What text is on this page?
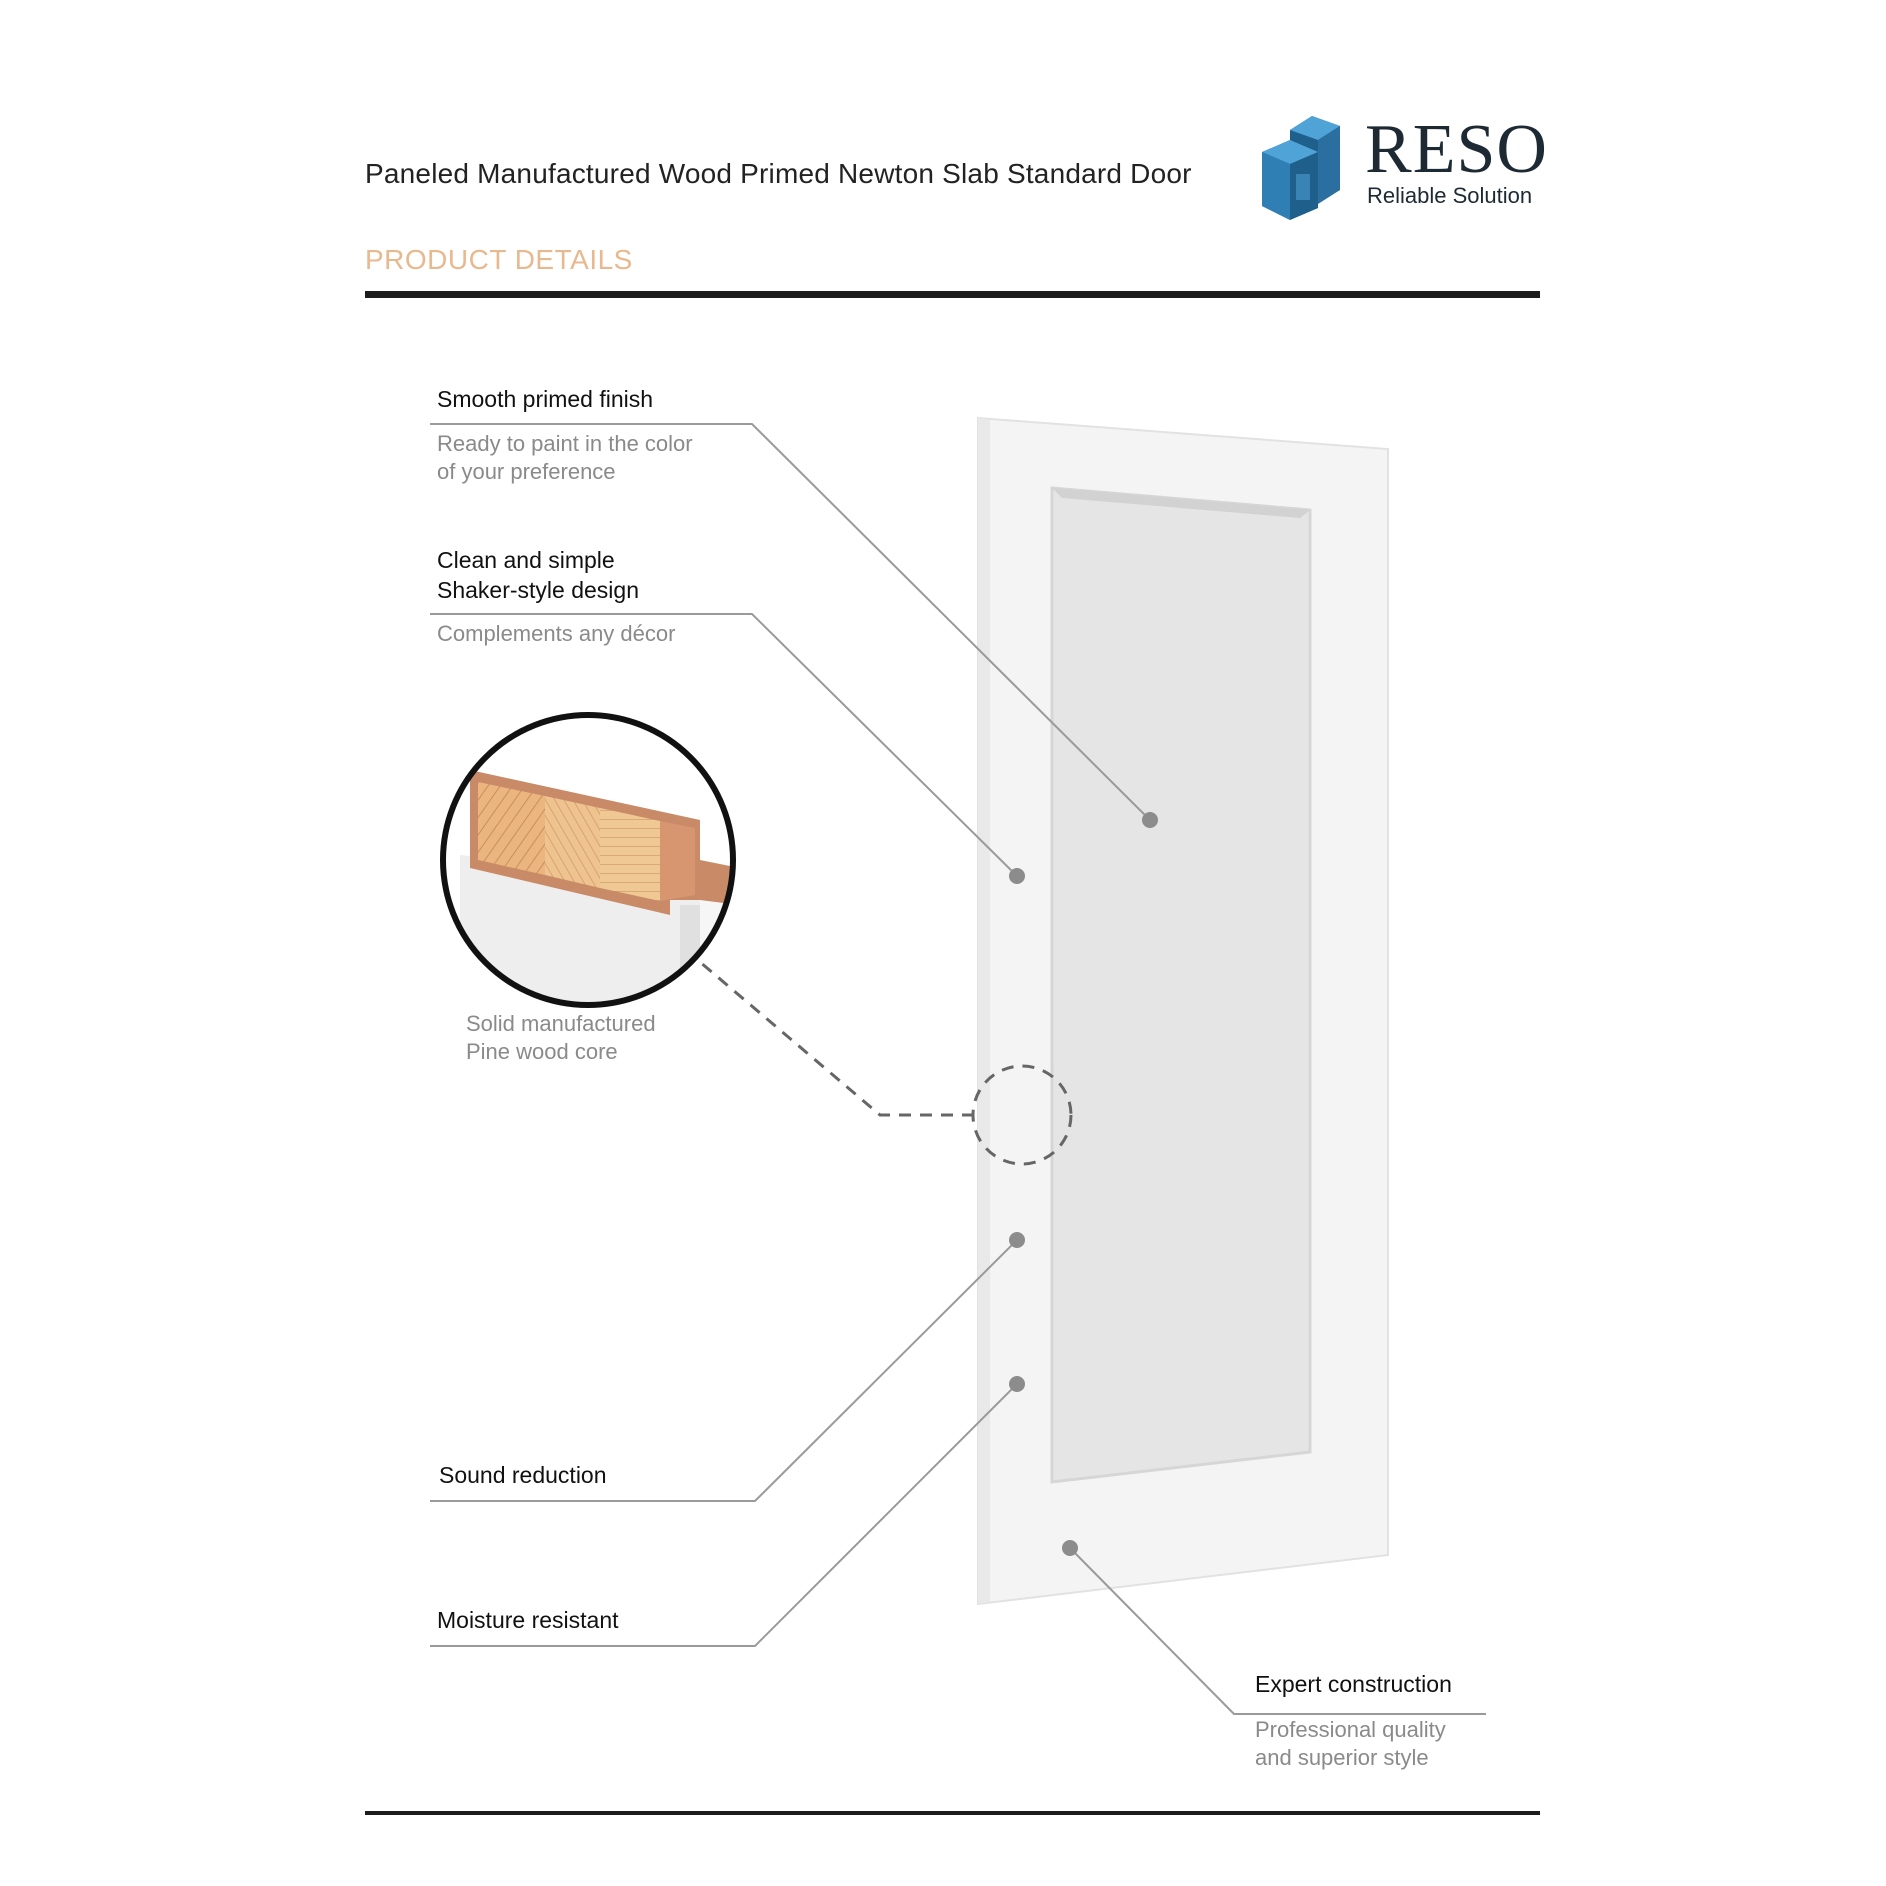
Paneled Manufactured Wood Primed Newton Slab Standard Door

PRODUCT DETAILS

RESO

Reliable Solution

Smooth primed finish
Ready to paint in the color
of your preference
Clean and simple
Shaker-style design
Complements any décor
Solid manufactured
Pine wood core
Sound reduction
Moisture resistant
Expert construction
Professional quality
and superior style
